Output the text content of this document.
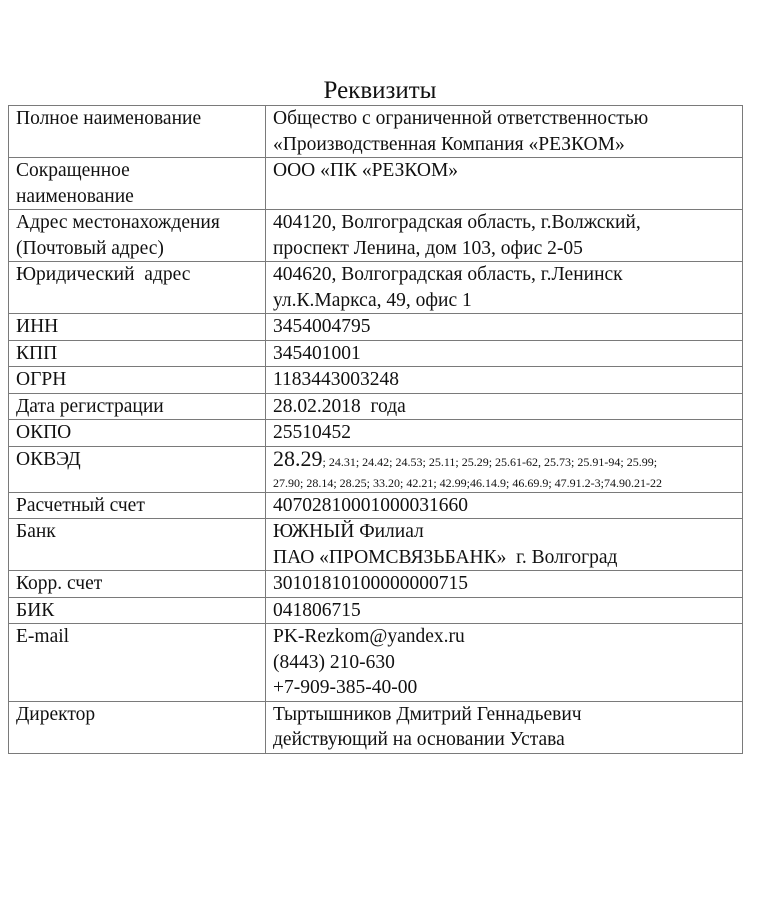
Реквизиты
Полное наименование	Общество с ограниченной ответственностью
«Производственная Компания «РЕЗКОМ»

Сокращенное
наименование	ООО «ПК «РЕЗКОМ»

Адрес местонахождения
(Почтовый адрес)	404120, Волгоградская область, г.Волжский,
проспект Ленина, дом 103, офис 2-05

Юридический  адрес	404620, Волгоградская область, г.Ленинск
ул.К.Маркса, 49, офис 1

ИНН	3454004795

КПП	345401001

ОГРН	1183443003248

Дата регистрации	28.02.2018  года

ОКПО	25510452

ОКВЭД	28.29; 24.31; 24.42; 24.53; 25.11; 25.29; 25.61-62, 25.73; 25.91-94; 25.99;
27.90; 28.14; 28.25; 33.20; 42.21; 42.99;46.14.9; 46.69.9; 47.91.2-3;74.90.21-22

Расчетный счет	40702810001000031660

Банк	ЮЖНЫЙ Филиал
ПАО «ПРОМСВЯЗЬБАНК»  г. Волгоград

Корр. счет	30101810100000000715

БИК	041806715

E-mail	PK-Rezkom@yandex.ru
(8443) 210-630
+7-909-385-40-00

Директор	Тыртышников Дмитрий Геннадьевич
действующий на основании Устава
